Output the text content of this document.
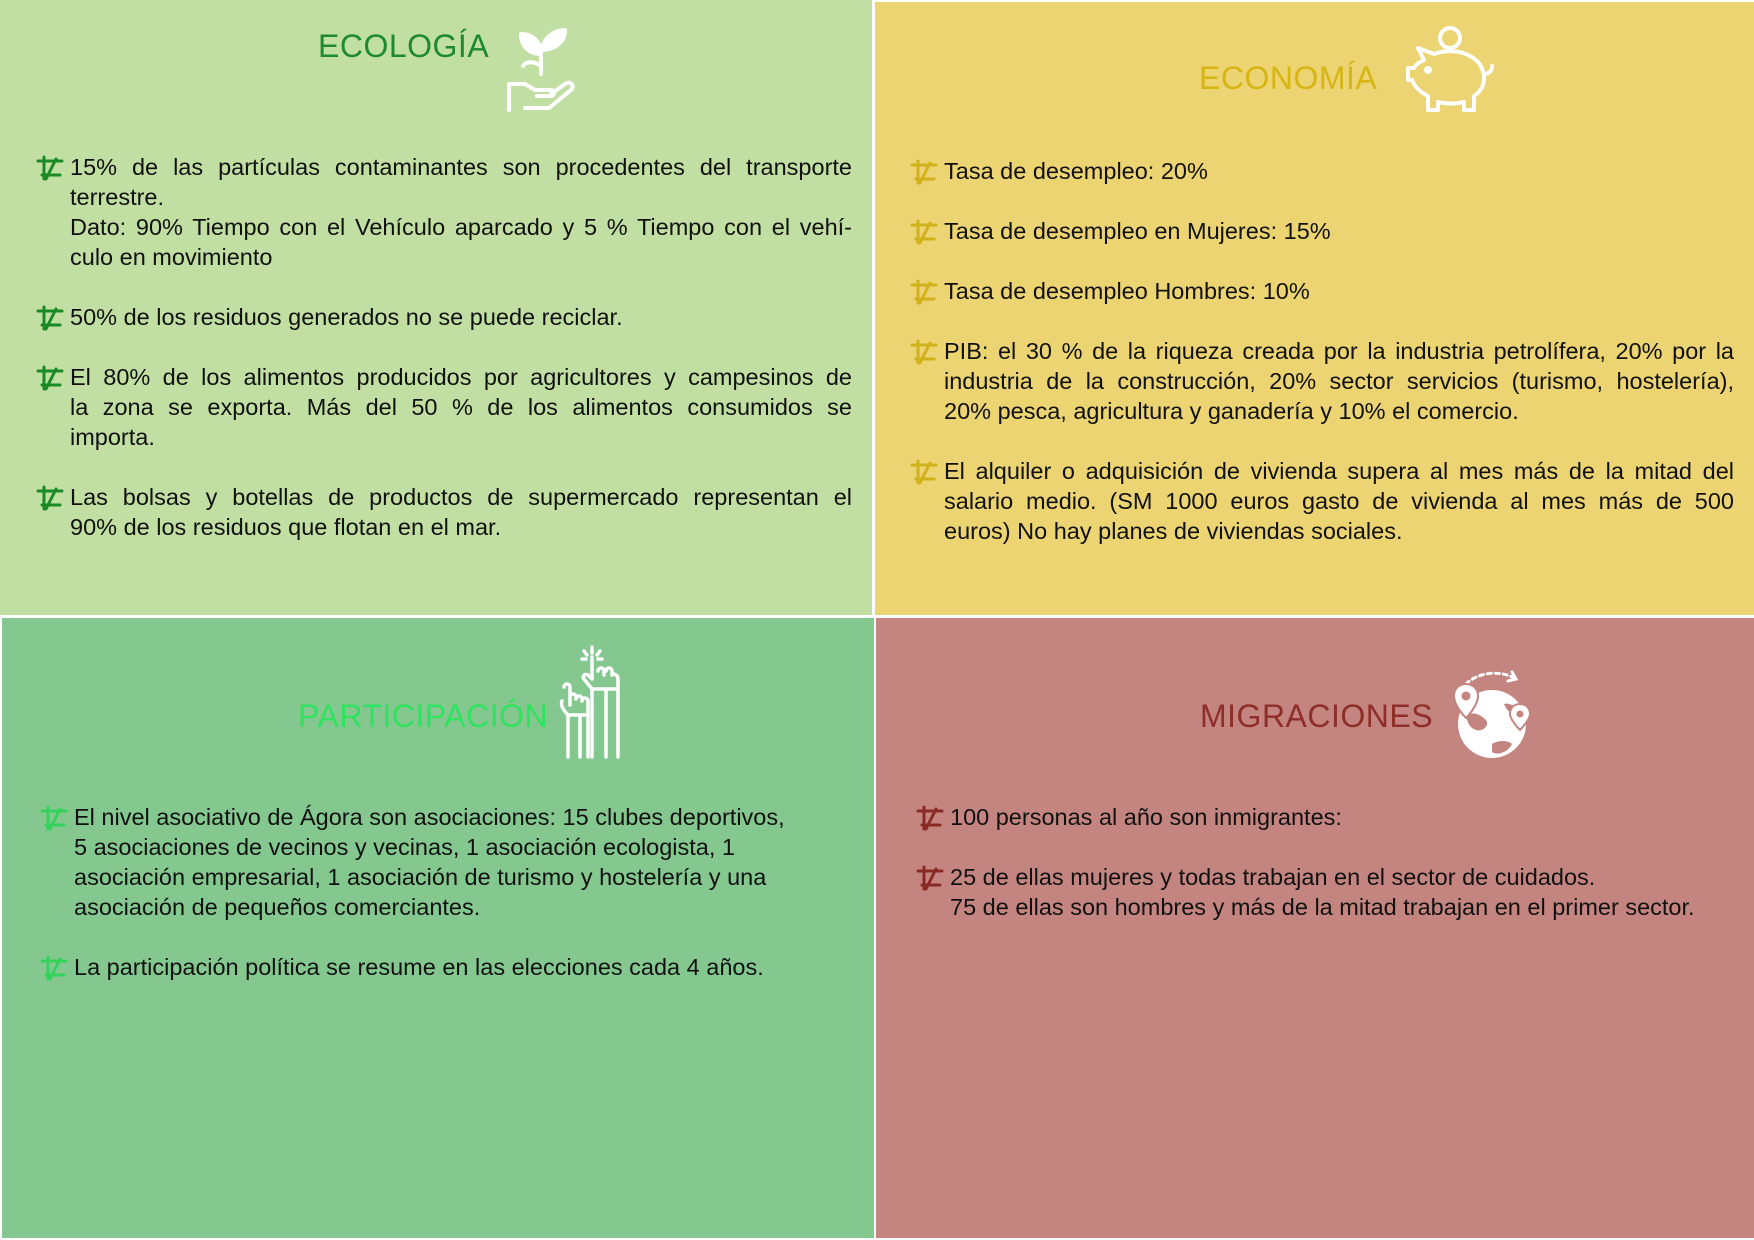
ECOLOGÍA
15% de las partículas contaminantes son procedentes del transporte
terrestre.
Dato: 90% Tiempo con el Vehículo aparcado y 5 % Tiempo con el vehí-
culo en movimiento
50% de los residuos generados no se puede reciclar.
El 80% de los alimentos producidos por agricultores y campesinos de
la zona se exporta. Más del 50 % de los alimentos consumidos se
importa.
Las bolsas y botellas de productos de supermercado representan el
90% de los residuos que flotan en el mar.
ECONOMÍA
Tasa de desempleo: 20%
Tasa de desempleo en Mujeres: 15%
Tasa de desempleo Hombres: 10%
PIB: el 30 % de la riqueza creada por la industria petrolífera, 20% por la
industria de la construcción, 20% sector servicios (turismo, hostelería),
20% pesca, agricultura y ganadería y 10% el comercio.
El alquiler o adquisición de vivienda supera al mes más de la mitad del
salario medio. (SM 1000 euros gasto de vivienda al mes más de 500
euros) No hay planes de viviendas sociales.
PARTICIPACIÓN
El nivel asociativo de Ágora son asociaciones: 15 clubes deportivos,
5 asociaciones de vecinos y vecinas, 1 asociación ecologista, 1
asociación empresarial, 1 asociación de turismo y hostelería y una
asociación de pequeños comerciantes.
La participación política se resume en las elecciones cada 4 años.
MIGRACIONES
100 personas al año son inmigrantes:
25 de ellas mujeres y todas trabajan en el sector de cuidados.
75 de ellas son hombres y más de la mitad trabajan en el primer sector.
